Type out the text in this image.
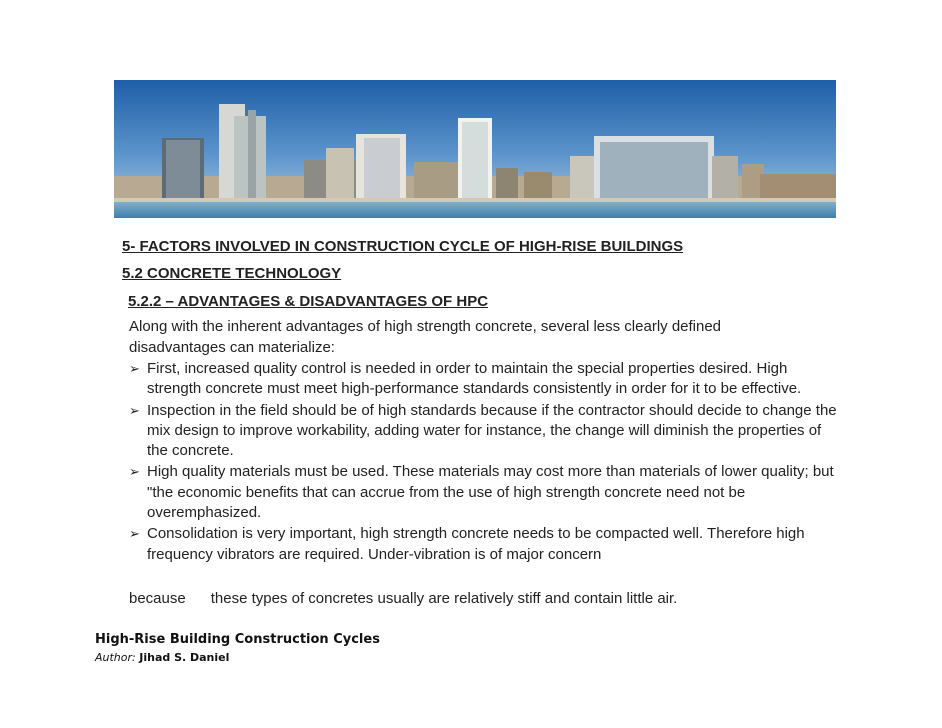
5- FACTORS INVOLVED IN CONSTRUCTION CYCLE OF HIGH-RISE BUILDINGS
5.2 CONCRETE TECHNOLOGY
5.2.2 – ADVANTAGES & DISADVANTAGES OF HPC
Along with the inherent advantages of high strength concrete, several less clearly defined disadvantages can materialize:
➢ First, increased quality control is needed in order to maintain the special properties desired. High strength concrete must meet high-performance standards consistently in order for it to be effective.
➢ Inspection in the field should be of high standards because if the contractor should decide to change the mix design to improve workability, adding water for instance, the change will diminish the properties of the concrete.
➢ High quality materials must be used. These materials may cost more than materials of lower quality; but "the economic benefits that can accrue from the use of high strength concrete need not be overemphasized.
➢ Consolidation is very important, high strength concrete needs to be compacted well. Therefore high frequency vibrators are required. Under-vibration is of major concern
because      these types of concretes usually are relatively stiff and contain little air.
High-Rise Building Construction Cycles
Author: Jihad S. Daniel
